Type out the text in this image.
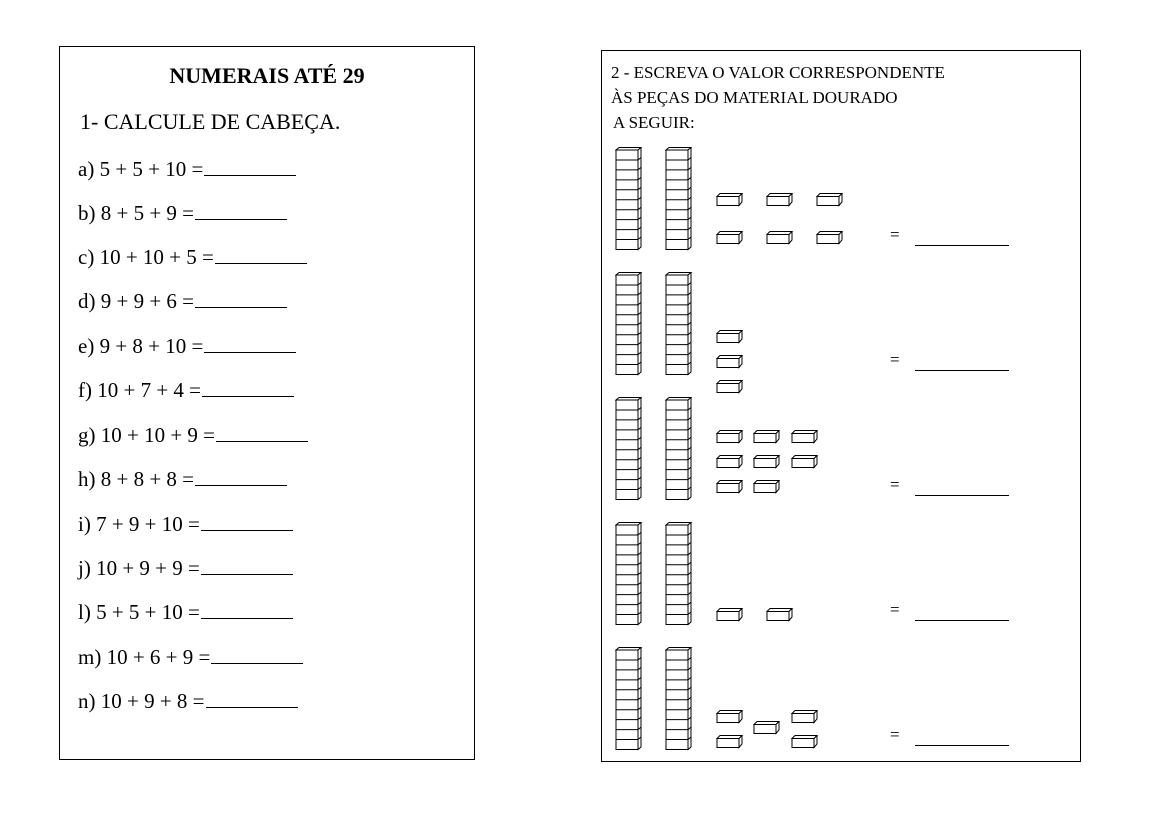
NUMERAIS ATÉ 29
1- CALCULE DE CABEÇA.
a) 5 + 5 + 10 =
b) 8 + 5 + 9 =
c) 10 + 10 + 5 =
d) 9 + 9 + 6 =
e) 9 + 8 + 10 =
f) 10 + 7 + 4 =
g) 10 + 10 + 9 =
h) 8 + 8 + 8 =
i) 7 + 9 + 10 =
j) 10 + 9 + 9 =
l) 5 + 5 + 10 =
m) 10 + 6 + 9 =
n) 10 + 9 + 8 =
2 - ESCREVA O VALOR CORRESPONDENTE
ÀS PEÇAS DO MATERIAL DOURADO
A SEGUIR:
=
=
=
=
=
